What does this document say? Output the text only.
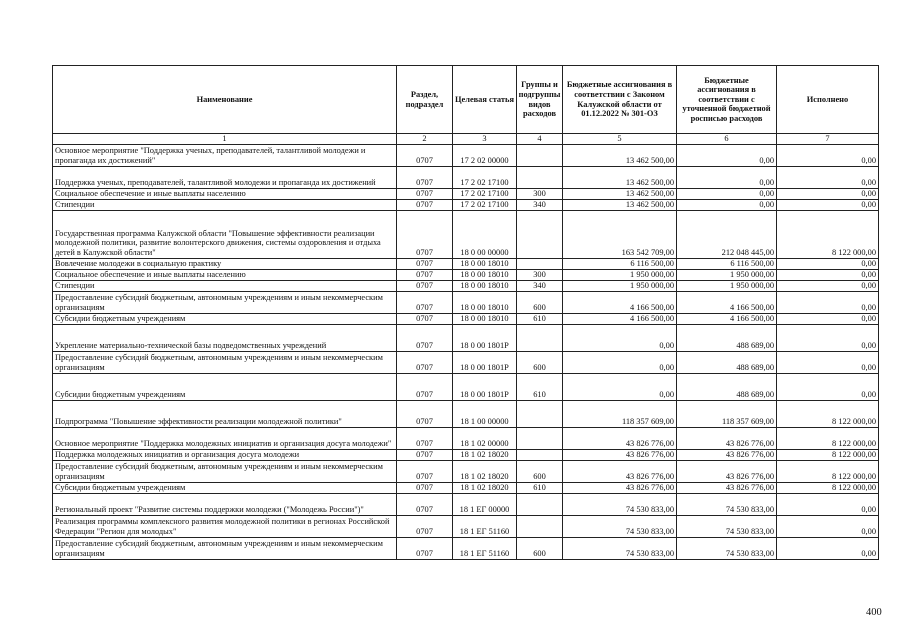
Наименование	Раздел, подраздел	Целевая статья	Группы и подгруппы видов расходов	Бюджетные ассигнования в соответствии с Законом Калужской области от 01.12.2022 № 301-ОЗ	Бюджетные ассигнования в соответствии с уточненной бюджетной росписью расходов	Исполнено
1	2	3	4	5	6	7
Основное мероприятие "Поддержка ученых, преподавателей, талантливой молодежи и пропаганда их достижений"	0707	17 2 02 00000		13 462 500,00	0,00	0,00
Поддержка ученых, преподавателей, талантливой молодежи и пропаганда их достижений	0707	17 2 02 17100		13 462 500,00	0,00	0,00
Социальное обеспечение и иные выплаты населению	0707	17 2 02 17100	300	13 462 500,00	0,00	0,00
Стипендии	0707	17 2 02 17100	340	13 462 500,00	0,00	0,00
Государственная программа Калужской области "Повышение эффективности реализации молодежной политики, развитие волонтерского движения, системы оздоровления и отдыха детей в Калужской области"	0707	18 0 00 00000		163 542 709,00	212 048 445,00	8 122 000,00
Вовлечение молодежи в социальную практику	0707	18 0 00 18010		6 116 500,00	6 116 500,00	0,00
Социальное обеспечение и иные выплаты населению	0707	18 0 00 18010	300	1 950 000,00	1 950 000,00	0,00
Стипендии	0707	18 0 00 18010	340	1 950 000,00	1 950 000,00	0,00
Предоставление субсидий бюджетным, автономным учреждениям и иным некоммерческим организациям	0707	18 0 00 18010	600	4 166 500,00	4 166 500,00	0,00
Субсидии бюджетным учреждениям	0707	18 0 00 18010	610	4 166 500,00	4 166 500,00	0,00
Укрепление материально-технической базы подведомственных учреждений	0707	18 0 00 1801P		0,00	488 689,00	0,00
Предоставление субсидий бюджетным, автономным учреждениям и иным некоммерческим организациям	0707	18 0 00 1801P	600	0,00	488 689,00	0,00
Субсидии бюджетным учреждениям	0707	18 0 00 1801P	610	0,00	488 689,00	0,00
Подпрограмма "Повышение эффективности реализации молодежной политики"	0707	18 1 00 00000		118 357 609,00	118 357 609,00	8 122 000,00
Основное мероприятие "Поддержка молодежных инициатив и организация досуга молодежи"	0707	18 1 02 00000		43 826 776,00	43 826 776,00	8 122 000,00
Поддержка молодежных инициатив и организация досуга молодежи	0707	18 1 02 18020		43 826 776,00	43 826 776,00	8 122 000,00
Предоставление субсидий бюджетным, автономным учреждениям и иным некоммерческим организациям	0707	18 1 02 18020	600	43 826 776,00	43 826 776,00	8 122 000,00
Субсидии бюджетным учреждениям	0707	18 1 02 18020	610	43 826 776,00	43 826 776,00	8 122 000,00
Региональный проект "Развитие системы поддержки молодежи ("Молодежь России")"	0707	18 1 ЕГ 00000		74 530 833,00	74 530 833,00	0,00
Реализация программы комплексного развития молодежной политики в регионах Российской Федерации "Регион для молодых"	0707	18 1 ЕГ 51160		74 530 833,00	74 530 833,00	0,00
Предоставление субсидий бюджетным, автономным учреждениям и иным некоммерческим организациям	0707	18 1 ЕГ 51160	600	74 530 833,00	74 530 833,00	0,00
400
